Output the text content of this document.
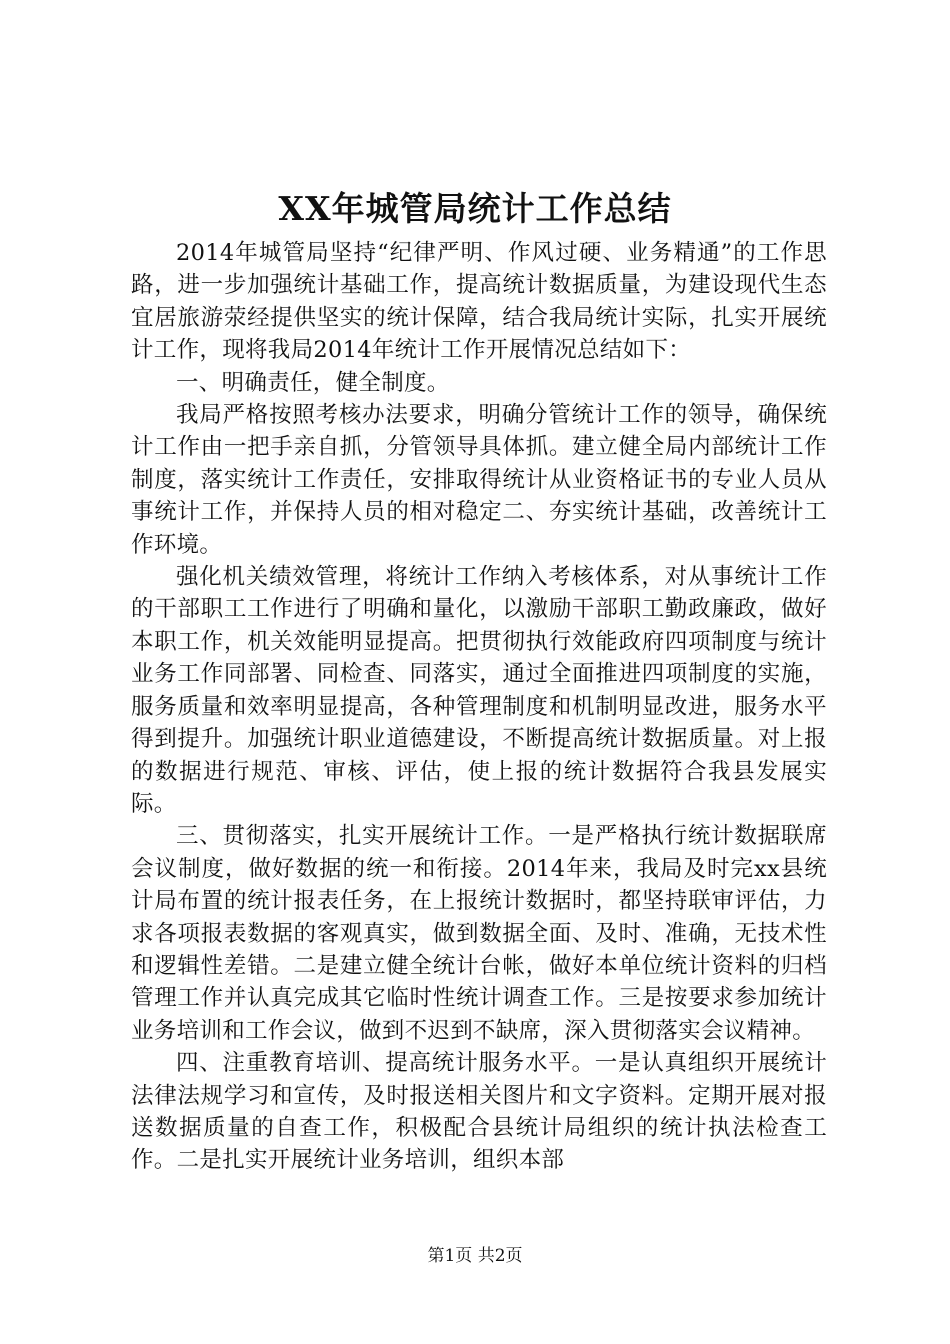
XX年城管局统计工作总结

2014年城管局坚持“纪律严明、作风过硬、业务精通”的工作思路，进一步加强统计基础工作，提高统计数据质量，为建设现代生态宜居旅游荥经提供坚实的统计保障，结合我局统计实际，扎实开展统计工作，现将我局2014年统计工作开展情况总结如下：

一、明确责任，健全制度。

我局严格按照考核办法要求，明确分管统计工作的领导，确保统计工作由一把手亲自抓，分管领导具体抓。建立健全局内部统计工作制度，落实统计工作责任，安排取得统计从业资格证书的专业人员从事统计工作，并保持人员的相对稳定二、夯实统计基础，改善统计工作环境。

强化机关绩效管理，将统计工作纳入考核体系，对从事统计工作的干部职工工作进行了明确和量化，以激励干部职工勤政廉政，做好本职工作，机关效能明显提高。把贯彻执行效能政府四项制度与统计业务工作同部署、同检查、同落实，通过全面推进四项制度的实施，服务质量和效率明显提高，各种管理制度和机制明显改进，服务水平得到提升。加强统计职业道德建设，不断提高统计数据质量。对上报的数据进行规范、审核、评估，使上报的统计数据符合我县发展实际。

三、贯彻落实，扎实开展统计工作。一是严格执行统计数据联席会议制度，做好数据的统一和衔接。2014年来，我局及时完xx县统计局布置的统计报表任务，在上报统计数据时，都坚持联审评估，力求各项报表数据的客观真实，做到数据全面、及时、准确，无技术性和逻辑性差错。二是建立健全统计台帐，做好本单位统计资料的归档管理工作并认真完成其它临时性统计调查工作。三是按要求参加统计业务培训和工作会议，做到不迟到不缺席，深入贯彻落实会议精神。

四、注重教育培训、提高统计服务水平。一是认真组织开展统计法律法规学习和宣传，及时报送相关图片和文字资料。定期开展对报送数据质量的自查工作，积极配合县统计局组织的统计执法检查工作。二是扎实开展统计业务培训，组织本部

第1页 共2页
